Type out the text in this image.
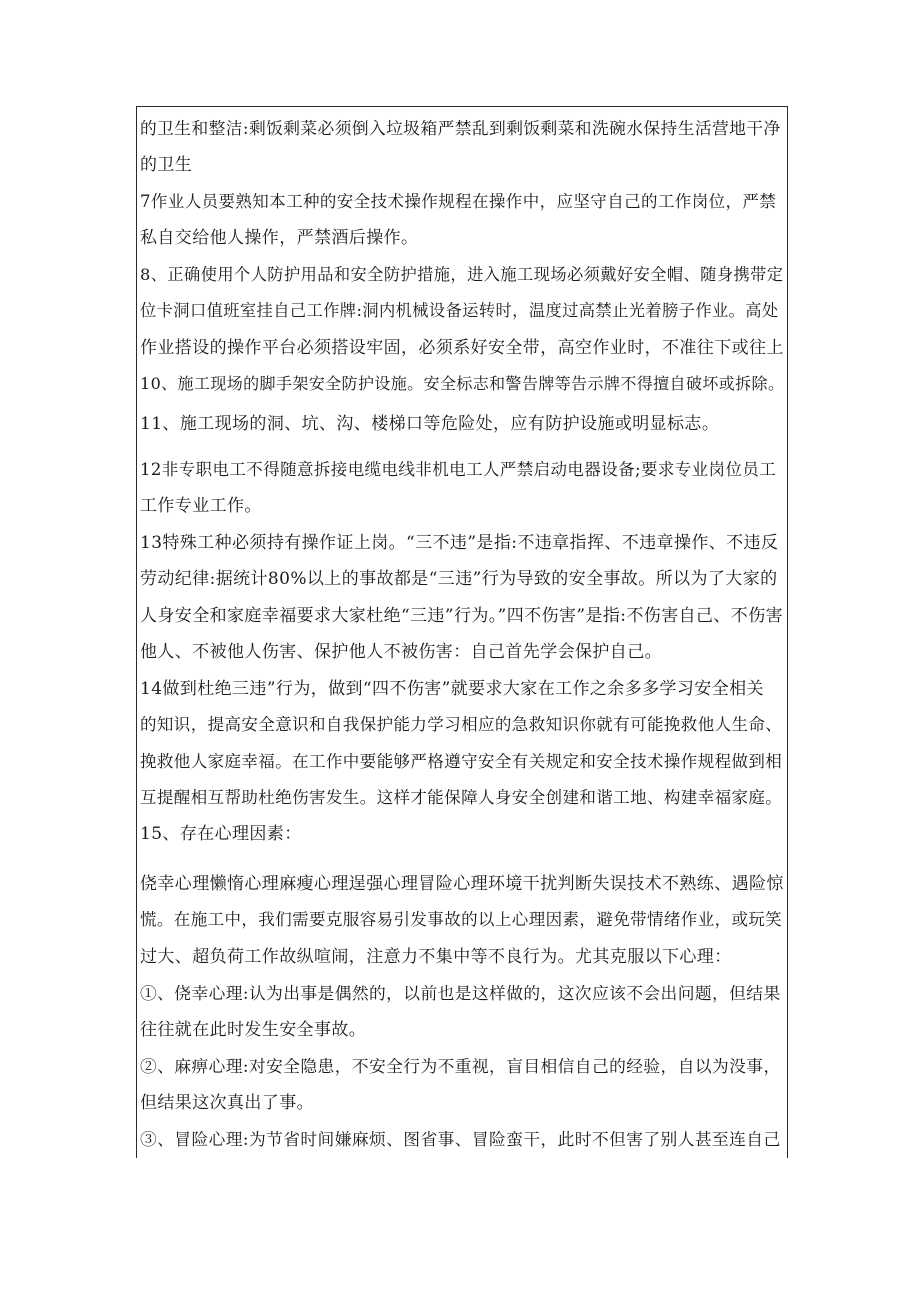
的卫生和整洁:剩饭剩菜必须倒入垃圾箱严禁乱到剩饭剩菜和洗碗水保持生活营地干净
的卫生
7作业人员要熟知本工种的安全技术操作规程在操作中，应坚守自己的工作岗位，严禁
私自交给他人操作，严禁酒后操作。
8、正确使用个人防护用品和安全防护措施，进入施工现场必须戴好安全帽、随身携带定
位卡洞口值班室挂自己工作牌:洞内机械设备运转时，温度过高禁止光着膀子作业。高处
作业搭设的操作平台必须搭设牢固，必须系好安全带，高空作业时，不准往下或往上
10、施工现场的脚手架安全防护设施。安全标志和警告牌等告示牌不得擅自破坏或拆除。
11、施工现场的洞、坑、沟、楼梯口等危险处，应有防护设施或明显标志。
12非专职电工不得随意拆接电缆电线非机电工人严禁启动电器设备;要求专业岗位员工
工作专业工作。
13特殊工种必须持有操作证上岗。“三不违”是指:不违章指挥、不违章操作、不违反
劳动纪律:据统计80%以上的事故都是“三违”行为导致的安全事故。所以为了大家的
人身安全和家庭幸福要求大家杜绝“三违”行为。”四不伤害”是指:不伤害自己、不伤害
他人、不被他人伤害、保护他人不被伤害：自己首先学会保护自己。
14做到杜绝三违”行为，做到“四不伤害”就要求大家在工作之余多多学习安全相关
的知识，提高安全意识和自我保护能力学习相应的急救知识你就有可能挽救他人生命、
挽救他人家庭幸福。在工作中要能够严格遵守安全有关规定和安全技术操作规程做到相
互提醒相互帮助杜绝伤害发生。这样才能保障人身安全创建和谐工地、构建幸福家庭。
15、存在心理因素：
侥幸心理懒惰心理麻瘦心理逞强心理冒险心理环境干扰判断失误技术不熟练、遇险惊
慌。在施工中，我们需要克服容易引发事故的以上心理因素，避免带情绪作业，或玩笑
过大、超负荷工作故纵喧闹，注意力不集中等不良行为。尤其克服以下心理：
①、侥幸心理:认为出事是偶然的，以前也是这样做的，这次应该不会出问题，但结果
往往就在此时发生安全事故。
②、麻痹心理:对安全隐患，不安全行为不重视，盲目相信自己的经验，自以为没事，
但结果这次真出了事。
③、冒险心理:为节省时间嫌麻烦、图省事、冒险蛮干，此时不但害了别人甚至连自己
